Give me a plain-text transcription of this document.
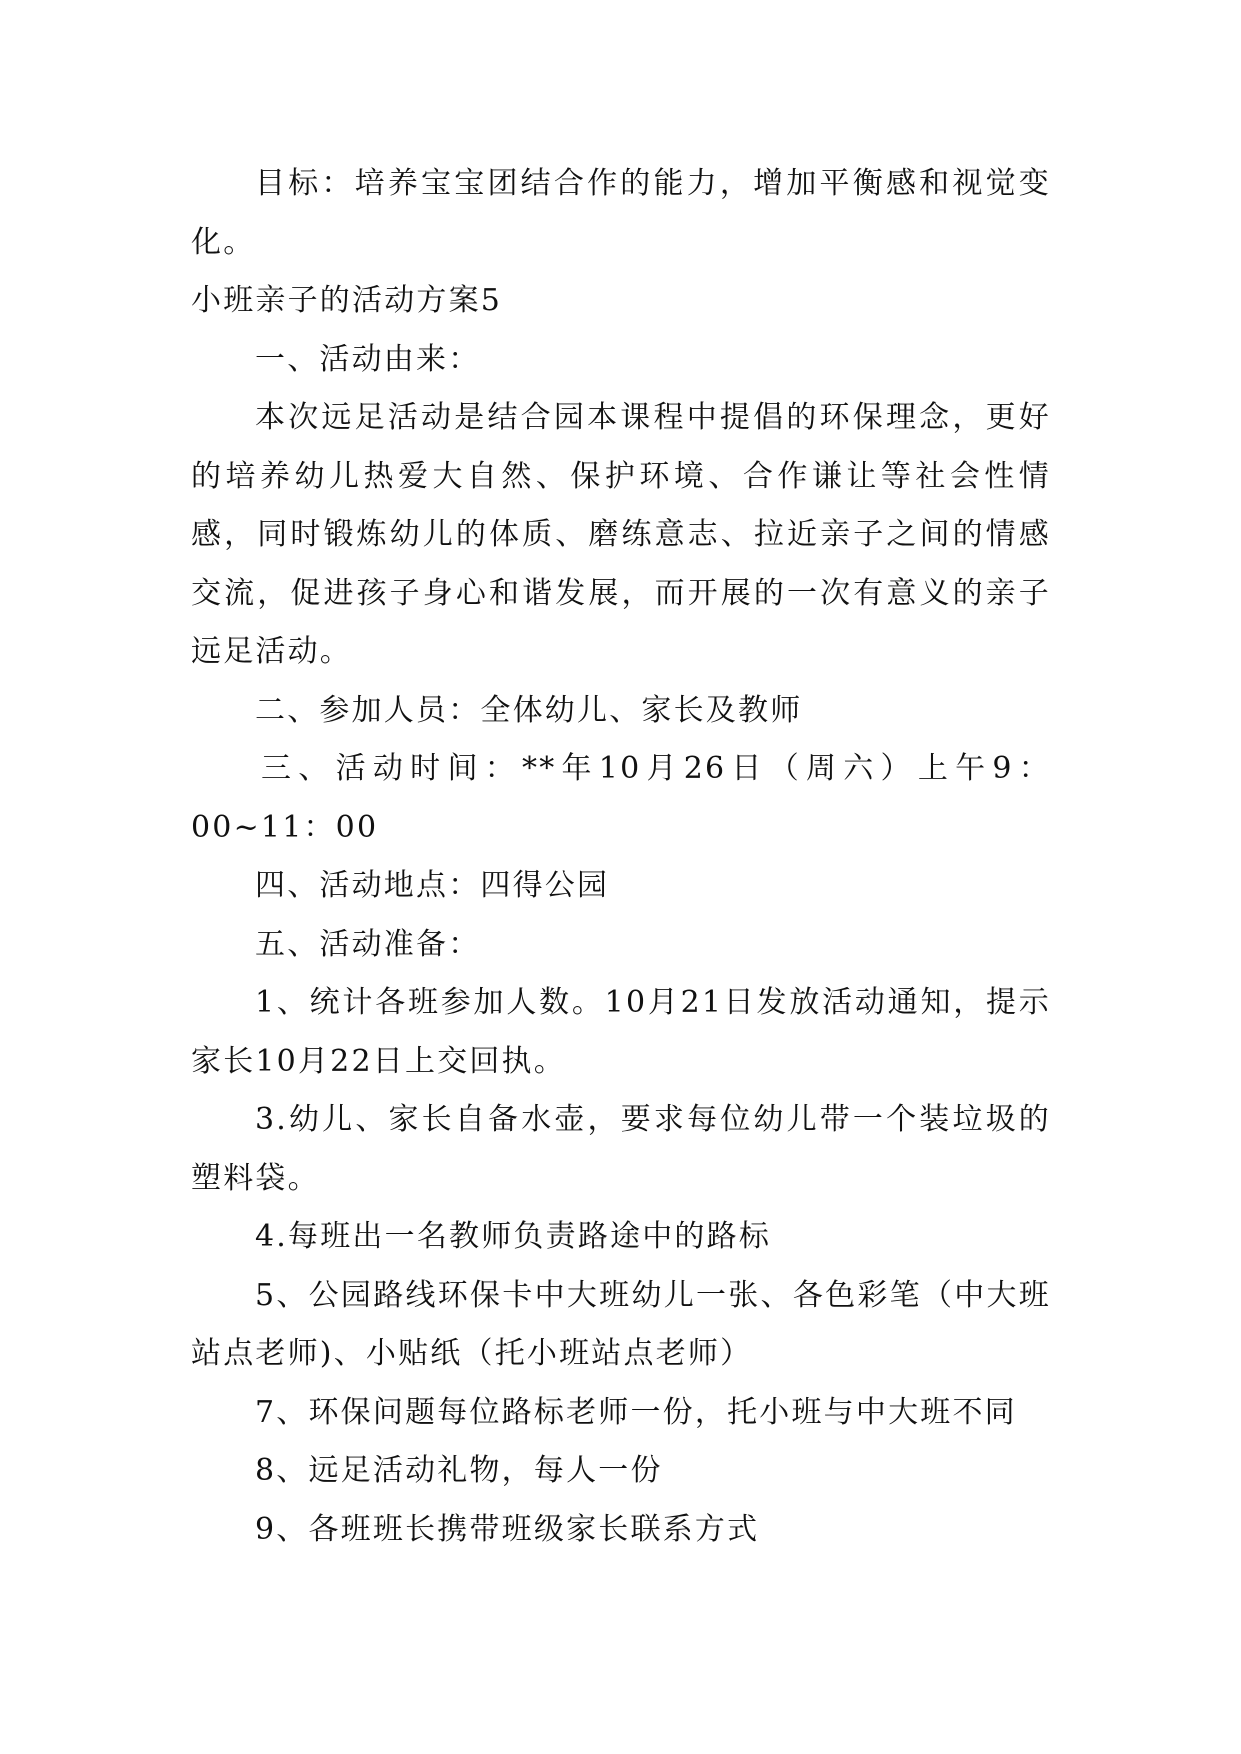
目标：培养宝宝团结合作的能力，增加平衡感和视觉变化。

小班亲子的活动方案5

一、活动由来：

本次远足活动是结合园本课程中提倡的环保理念，更好的培养幼儿热爱大自然、保护环境、合作谦让等社会性情感，同时锻炼幼儿的体质、磨练意志、拉近亲子之间的情感交流，促进孩子身心和谐发展，而开展的一次有意义的亲子远足活动。

二、参加人员：全体幼儿、家长及教师

三、活动时间：**年10月26日（周六）上午9：00~11：00

四、活动地点：四得公园

五、活动准备：

1、统计各班参加人数。10月21日发放活动通知，提示家长10月22日上交回执。

3.幼儿、家长自备水壶，要求每位幼儿带一个装垃圾的塑料袋。

4.每班出一名教师负责路途中的路标

5、公园路线环保卡中大班幼儿一张、各色彩笔（中大班站点老师)、小贴纸（托小班站点老师）

7、环保问题每位路标老师一份，托小班与中大班不同

8、远足活动礼物，每人一份

9、各班班长携带班级家长联系方式
